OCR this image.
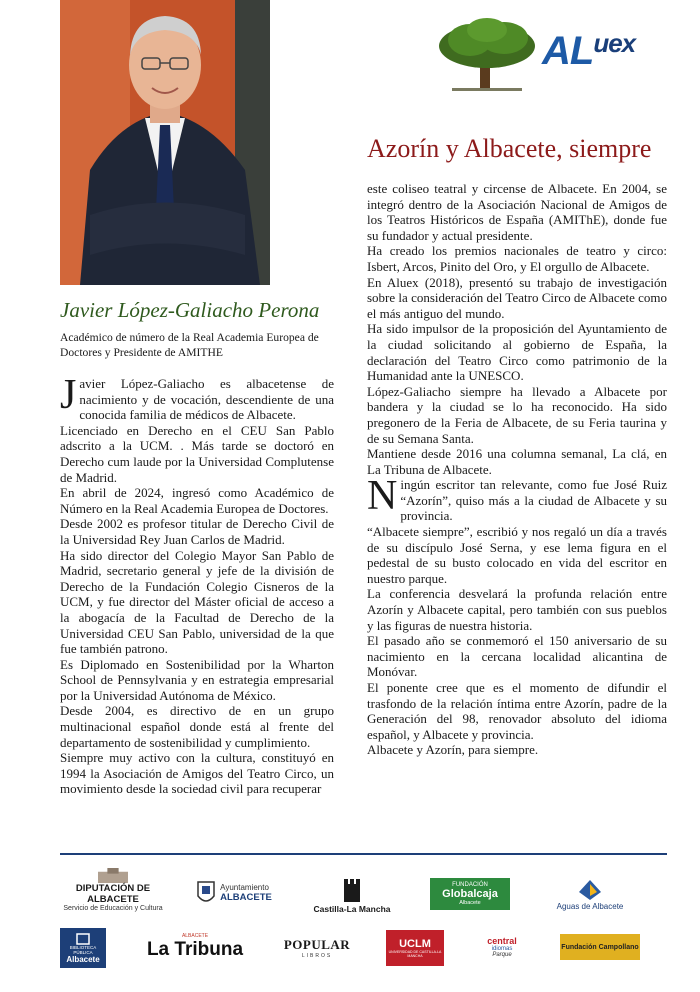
$AL^{uex}$
Azorín y Albacete, siempre
Javier López-Galiacho Perona
Académico de número de la Real Academia Europea de Doctores y Presidente de AMITHE

Javier López-Galiacho es albacetense de nacimiento y de vocación, descendiente de una conocida familia de médicos de Albacete.

Licenciado en Derecho en el CEU San Pablo adscrito a la UCM. . Más tarde se doctoró en Derecho cum laude por la Universidad Complutense de Madrid.

En abril de 2024, ingresó como Académico de Número en la Real Academia Europea de Doctores.

Desde 2002 es profesor titular de Derecho Civil de la Universidad Rey Juan Carlos de Madrid.

Ha sido director del Colegio Mayor San Pablo de Madrid, secretario general y jefe de la división de Derecho de la Fundación Colegio Cisneros de la UCM, y fue director del Máster oficial de acceso a la abogacía de la Facultad de Derecho de la Universidad CEU San Pablo, universidad de la que fue también patrono.

Es Diplomado en Sostenibilidad por la Wharton School de Pennsylvania y en estrategia empresarial por la Universidad Autónoma de México.

Desde 2004, es directivo de en un grupo multinacional español donde está al frente del departamento de sostenibilidad y cumplimiento.

Siempre muy activo con la cultura, constituyó en 1994 la Asociación de Amigos del Teatro Circo, un movimiento desde la sociedad civil para recuperar

este coliseo teatral y circense de Albacete. En 2004, se integró dentro de la Asociación Nacional de Amigos de los Teatros Históricos de España (AMIThE), donde fue su fundador y actual presidente.

Ha creado los premios nacionales de teatro y circo: Isbert, Arcos, Pinito del Oro, y El orgullo de Albacete.

En Aluex (2018), presentó su trabajo de investigación sobre la consideración del Teatro Circo de Albacete como el más antiguo del mundo.

Ha sido impulsor de la proposición del Ayuntamiento de la ciudad solicitando al gobierno de España, la declaración del Teatro Circo como patrimonio de la Humanidad ante la UNESCO.

López-Galiacho siempre ha llevado a Albacete por bandera y la ciudad se lo ha reconocido. Ha sido pregonero de la Feria de Albacete, de su Feria taurina y de su Semana Santa.

Mantiene desde 2016 una columna semanal, La clá, en La Tribuna de Albacete.

Ningún escritor tan relevante, como fue José Ruiz “Azorín”, quiso más a la ciudad de Albacete y su provincia.

“Albacete siempre”, escribió y nos regaló un día a través de su discípulo José Serna, y ese lema figura en el pedestal de su busto colocado en vida del escritor en nuestro parque.

La conferencia desvelará la profunda relación entre Azorín y Albacete capital, pero también con sus pueblos y las figuras de nuestra historia.

El pasado año se conmemoró el 150 aniversario de su nacimiento en la cercana localidad alicantina de Monóvar.

El ponente cree que es el momento de difundir el trasfondo de la relación íntima entre Azorín, padre de la Generación del 98, renovador absoluto del idioma español, y Albacete y provincia.

Albacete y Azorín, para siempre.

DIPUTACIÓN DE ALBACETE
Servicio de Educación y Cultura
Ayuntamiento
ALBACETE
Castilla-La Mancha
FUNDACIÓN
Globalcaja
Albacete	Aguas de Albacete
BIBLIOTECA PÚBLICA
Albacete
ALBACETE
La Tribuna	POPULAR
LIBROS
UCLM
UNIVERSIDAD DE CASTILLA-LA MANCHA
central
idiomas
Parque
Fundación Campollano
